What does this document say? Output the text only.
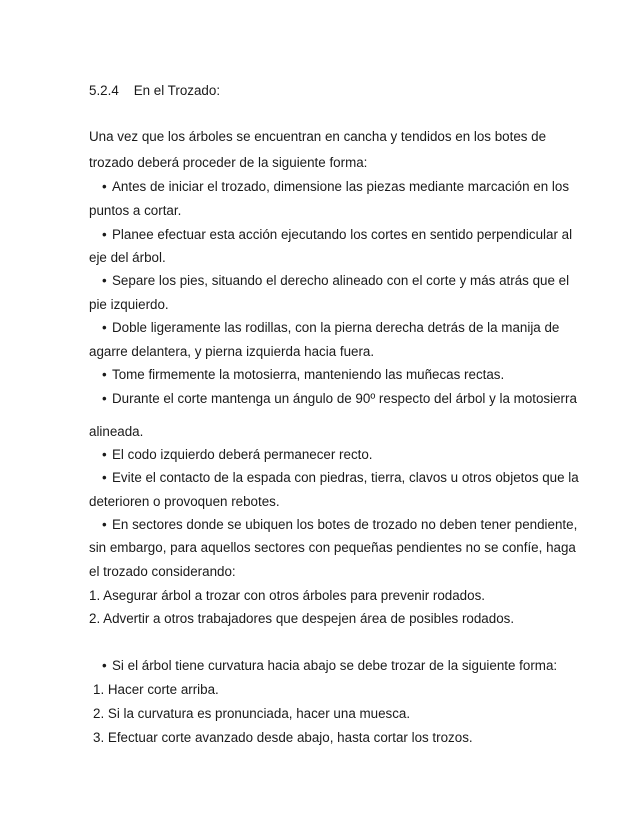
5.2.4 En el Trozado:
Una vez que los árboles se encuentran en cancha y tendidos en los botes de
trozado deberá proceder de la siguiente forma:
• Antes de iniciar el trozado, dimensione las piezas mediante marcación en los
puntos a cortar.
• Planee efectuar esta acción ejecutando los cortes en sentido perpendicular al
eje del árbol.
• Separe los pies, situando el derecho alineado con el corte y más atrás que el
pie izquierdo.
• Doble ligeramente las rodillas, con la pierna derecha detrás de la manija de
agarre delantera, y pierna izquierda hacia fuera.
• Tome firmemente la motosierra, manteniendo las muñecas rectas.
• Durante el corte mantenga un ángulo de 90º respecto del árbol y la motosierra
alineada.
• El codo izquierdo deberá permanecer recto.
• Evite el contacto de la espada con piedras, tierra, clavos u otros objetos que la
deterioren o provoquen rebotes.
• En sectores donde se ubiquen los botes de trozado no deben tener pendiente,
sin embargo, para aquellos sectores con pequeñas pendientes no se confíe, haga
el trozado considerando:
1. Asegurar árbol a trozar con otros árboles para prevenir rodados.
2. Advertir a otros trabajadores que despejen área de posibles rodados.
• Si el árbol tiene curvatura hacia abajo se debe trozar de la siguiente forma:
1. Hacer corte arriba.
2. Si la curvatura es pronunciada, hacer una muesca.
3. Efectuar corte avanzado desde abajo, hasta cortar los trozos.
